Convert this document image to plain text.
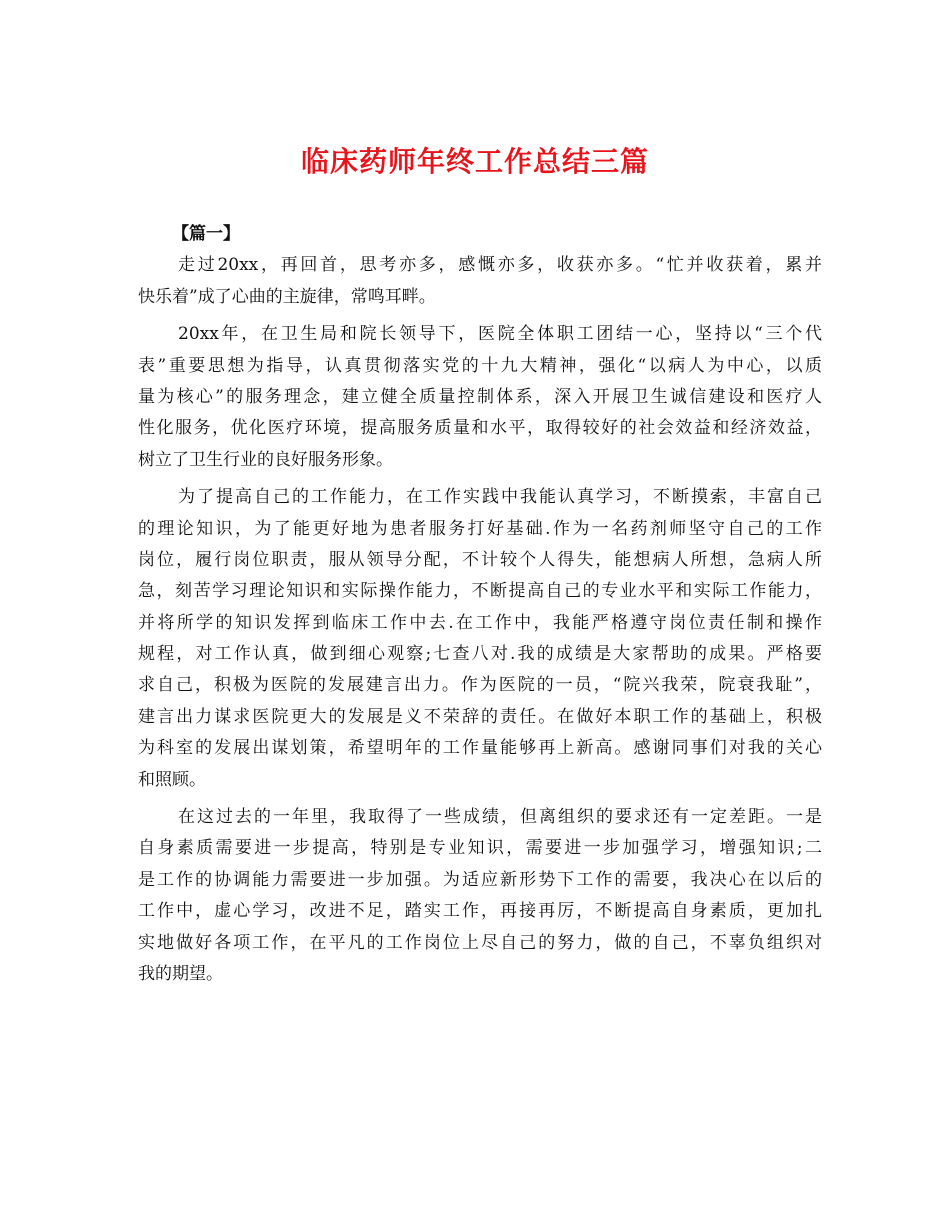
临床药师年终工作总结三篇
【篇一】
走过20xx，再回首，思考亦多，感慨亦多，收获亦多。“忙并收获着，累并
快乐着”成了心曲的主旋律，常鸣耳畔。
20xx年，在卫生局和院长领导下，医院全体职工团结一心，坚持以“三个代
表”重要思想为指导，认真贯彻落实党的十九大精神，强化“以病人为中心，以质
量为核心”的服务理念，建立健全质量控制体系，深入开展卫生诚信建设和医疗人
性化服务，优化医疗环境，提高服务质量和水平，取得较好的社会效益和经济效益，
树立了卫生行业的良好服务形象。
为了提高自己的工作能力，在工作实践中我能认真学习，不断摸索，丰富自己
的理论知识，为了能更好地为患者服务打好基础.作为一名药剂师坚守自己的工作
岗位，履行岗位职责，服从领导分配，不计较个人得失，能想病人所想，急病人所
急，刻苦学习理论知识和实际操作能力，不断提高自己的专业水平和实际工作能力，
并将所学的知识发挥到临床工作中去.在工作中，我能严格遵守岗位责任制和操作
规程，对工作认真，做到细心观察;七查八对.我的成绩是大家帮助的成果。严格要
求自己，积极为医院的发展建言出力。作为医院的一员，“院兴我荣，院衰我耻”，
建言出力谋求医院更大的发展是义不荣辞的责任。在做好本职工作的基础上，积极
为科室的发展出谋划策，希望明年的工作量能够再上新高。感谢同事们对我的关心
和照顾。
在这过去的一年里，我取得了一些成绩，但离组织的要求还有一定差距。一是
自身素质需要进一步提高，特别是专业知识，需要进一步加强学习，增强知识;二
是工作的协调能力需要进一步加强。为适应新形势下工作的需要，我决心在以后的
工作中，虚心学习，改进不足，踏实工作，再接再厉，不断提高自身素质，更加扎
实地做好各项工作，在平凡的工作岗位上尽自己的努力，做的自己，不辜负组织对
我的期望。
